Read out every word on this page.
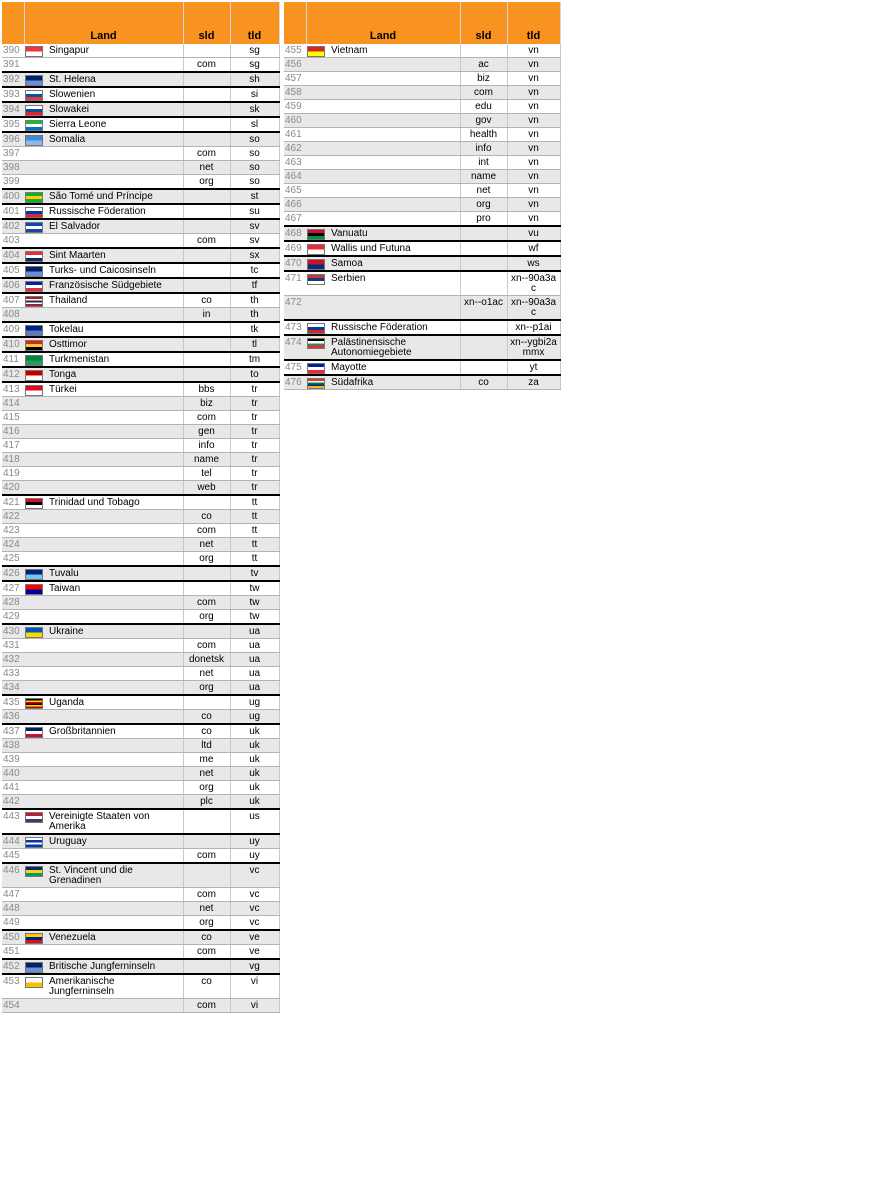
	Land		sld	tld
390		Singapur		sg
391			com	sg
392		St. Helena		sh
393		Slowenien		si
394		Slowakei		sk
395		Sierra Leone		sl
396		Somalia		so
397			com	so
398			net	so
399			org	so
400		São Tomé und Príncipe		st
401		Russische Föderation		su
402		El Salvador		sv
403			com	sv
404		Sint Maarten		sx
405		Turks- und Caicosinseln		tc
406		Französische Südgebiete		tf
407		Thailand	co	th
408			in	th
409		Tokelau		tk
410		Osttimor		tl
411		Turkmenistan		tm
412		Tonga		to
413		Türkei	bbs	tr
414			biz	tr
415			com	tr
416			gen	tr
417			info	tr
418			name	tr
419			tel	tr
420			web	tr
421		Trinidad und Tobago		tt
422			co	tt
423			com	tt
424			net	tt
425			org	tt
426		Tuvalu		tv
427		Taiwan		tw
428			com	tw
429			org	tw
430		Ukraine		ua
431			com	ua
432			donetsk	ua
433			net	ua
434			org	ua
435		Uganda		ug
436			co	ug
437		Großbritannien	co	uk
438			ltd	uk
439			me	uk
440			net	uk
441			org	uk
442			plc	uk
443		Vereinigte Staaten von Amerika		us
444		Uruguay		uy
445			com	uy
446		St. Vincent und die Grenadinen		vc
447			com	vc
448			net	vc
449			org	vc
450		Venezuela	co	ve
451			com	ve
452		Britische Jungferninseln		vg
453		Amerikanische Jungferninseln	co	vi
454			com	vi

	Land		sld	tld
455		Vietnam		vn
456			ac	vn
457			biz	vn
458			com	vn
459			edu	vn
460			gov	vn
461			health	vn
462			info	vn
463			int	vn
464			name	vn
465			net	vn
466			org	vn
467			pro	vn
468		Vanuatu		vu
469		Wallis und Futuna		wf
470		Samoa		ws
471		Serbien		xn--90a3ac
472			xn--o1ac	xn--90a3ac
473		Russische Föderation		xn--p1ai
474		Palästinensische Autonomiegebiete		xn--ygbi2ammx
475		Mayotte		yt
476		Südafrika	co	za
